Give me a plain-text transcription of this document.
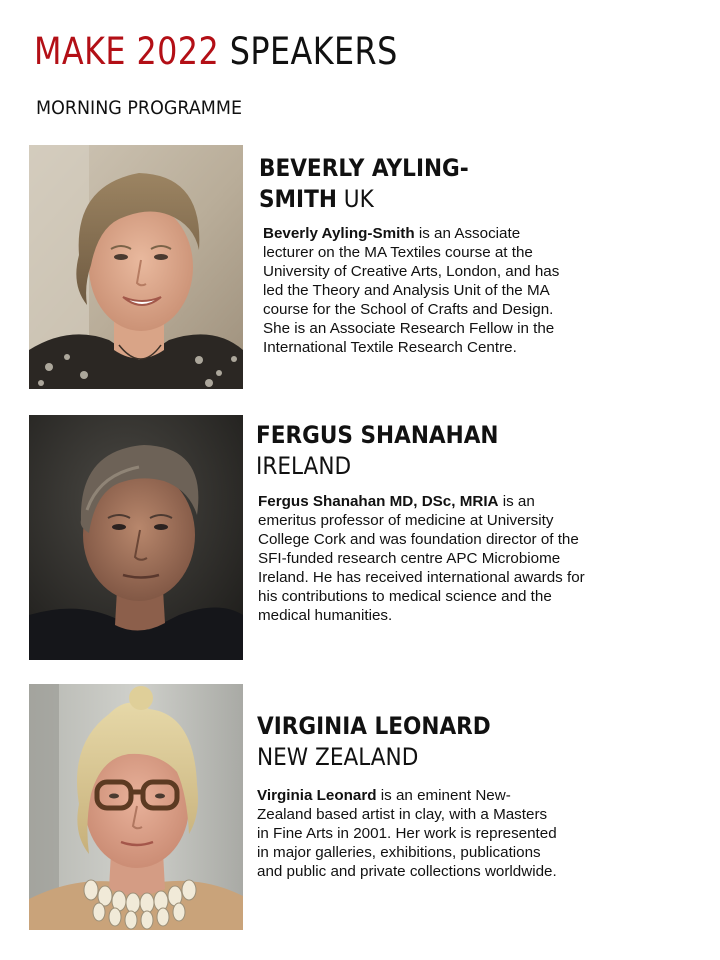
MAKE 2022 SPEAKERS
MORNING PROGRAMME
BEVERLY AYLING-
SMITH UK
Beverly Ayling-Smith is an Associate lecturer on the MA Textiles course at the University of Creative Arts, London, and has led the Theory and Analysis Unit of the MA course for the School of Crafts and Design. She is an Associate Research Fellow in the International Textile Research Centre.
FERGUS SHANAHAN
IRELAND
Fergus Shanahan MD, DSc, MRIA is an emeritus professor of medicine at University College Cork and was foundation director of the SFI-funded research centre APC Microbiome Ireland. He has received international awards for his contributions to medical science and the medical humanities.
VIRGINIA LEONARD
NEW ZEALAND
Virginia Leonard is an eminent New-Zealand based artist in clay, with a Masters in Fine Arts in 2001. Her work is represented in major galleries, exhibitions, publications and public and private collections worldwide.
